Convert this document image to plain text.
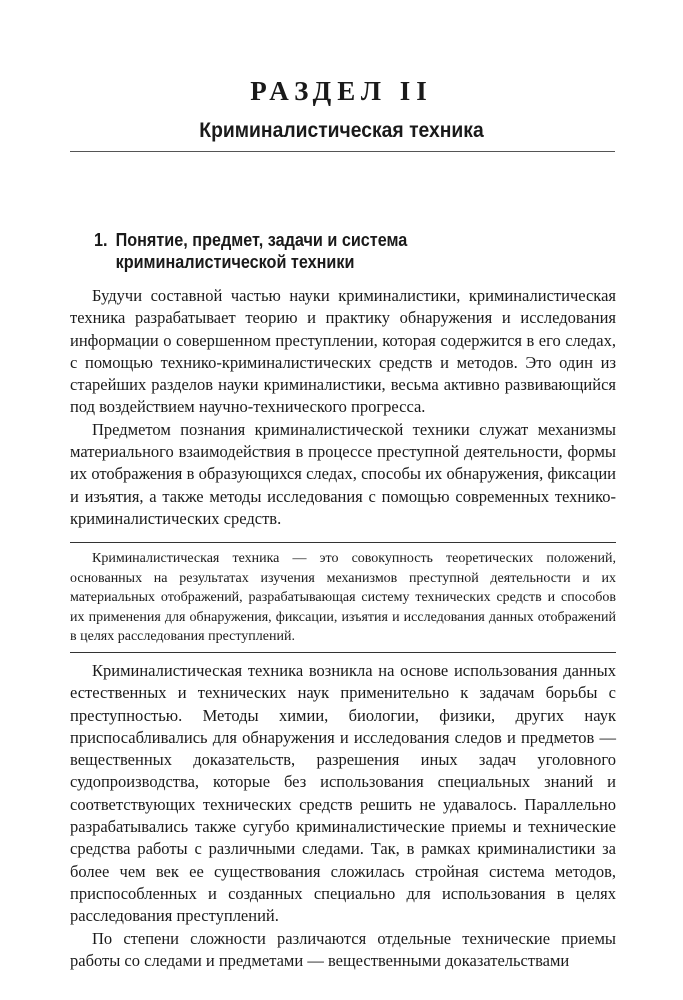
РАЗДЕЛ II
Криминалистическая техника
1. Понятие, предмет, задачи и система
криминалистической техники

Будучи составной частью науки криминалистики, криминалистическая техника разрабатывает теорию и практику обнаружения и исследования информации о совершенном преступлении, которая содержится в его следах, с помощью технико-криминалистических средств и методов. Это один из старейших разделов науки криминалистики, весьма активно развивающийся под воздействием научно-технического прогресса.

Предметом познания криминалистической техники служат механизмы материального взаимодействия в процессе преступной деятельности, формы их отображения в образующихся следах, способы их обнаружения, фиксации и изъятия, а также методы исследования с помощью современных технико-криминалистических средств.

Криминалистическая техника — это совокупность теоретических положений, основанных на результатах изучения механизмов преступной деятельности и их материальных отображений, разрабатывающая систему технических средств и способов их применения для обнаружения, фиксации, изъятия и исследования данных отображений в целях расследования преступлений.

Криминалистическая техника возникла на основе использования данных естественных и технических наук применительно к задачам борьбы с преступностью. Методы химии, биологии, физики, других наук приспосабливались для обнаружения и исследования следов и предметов — вещественных доказательств, разрешения иных задач уголовного судопроизводства, которые без использования специальных знаний и соответствующих технических средств решить не удавалось. Параллельно разрабатывались также сугубо криминалистические приемы и технические средства работы с различными следами. Так, в рамках криминалистики за более чем век ее существования сложилась стройная система методов, приспособленных и созданных специально для использования в целях расследования преступлений.

По степени сложности различаются отдельные технические приемы работы со следами и предметами — вещественными доказательствами
